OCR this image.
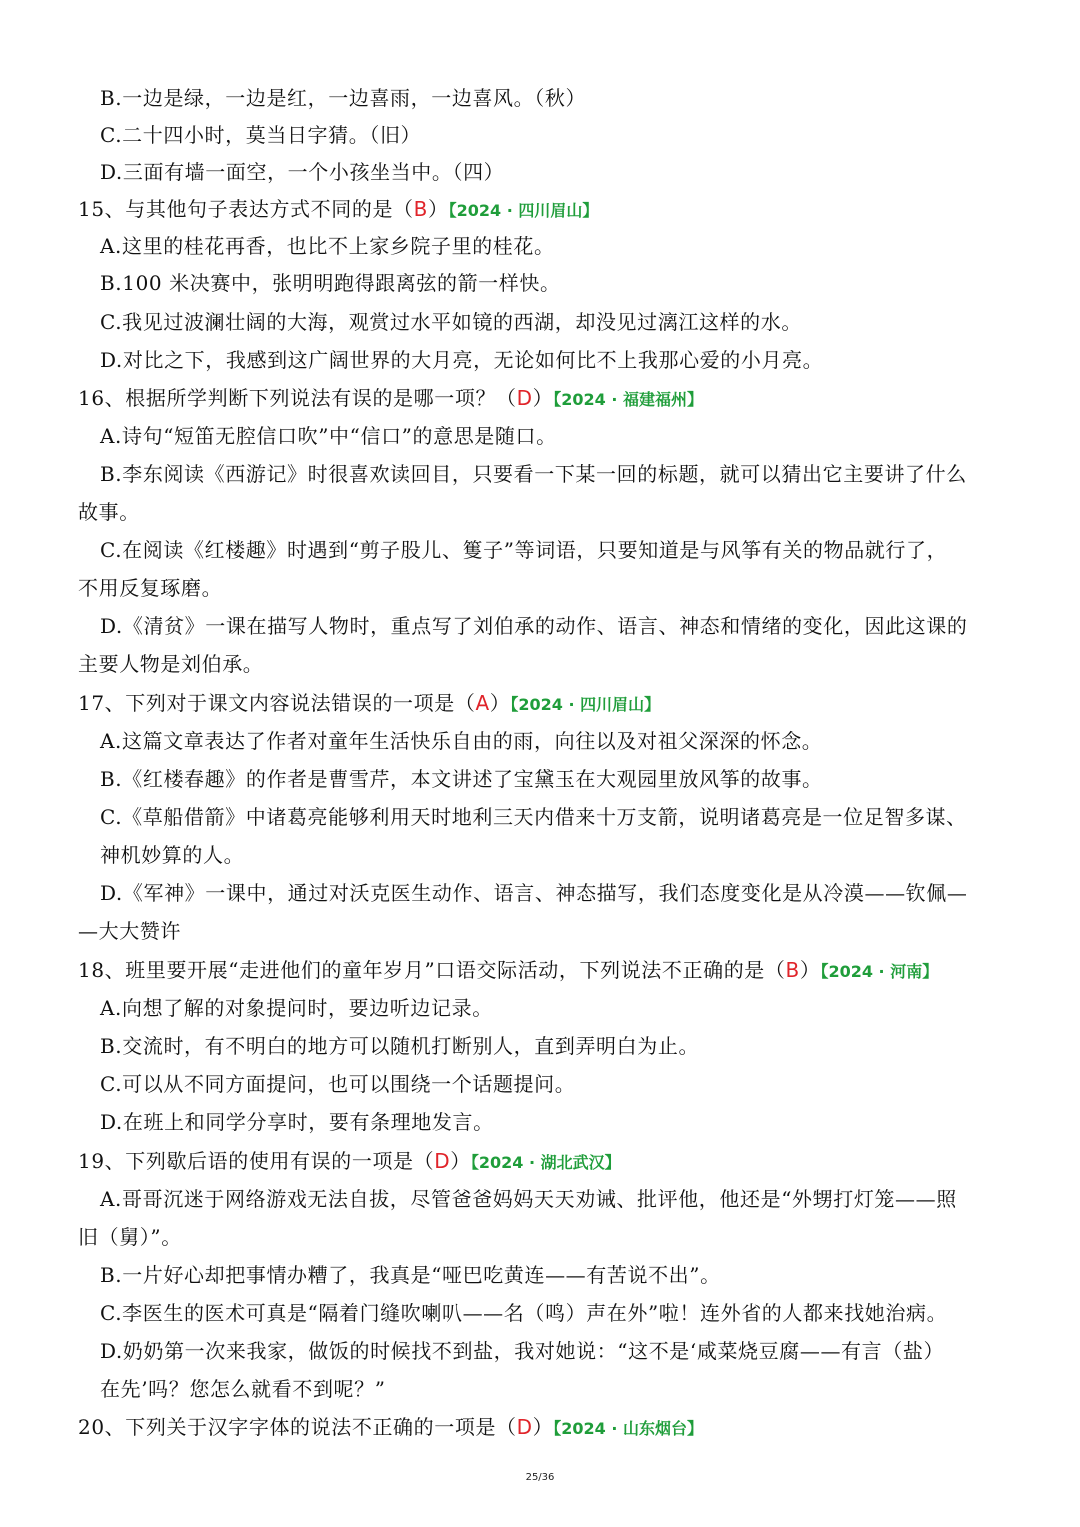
B.一边是绿，一边是红，一边喜雨，一边喜风。（秋）
C.二十四小时，莫当日字猜。（旧）
D.三面有墙一面空，一个小孩坐当中。（四）
15、与其他句子表达方式不同的是（B）【2024 · 四川眉山】
A.这里的桂花再香，也比不上家乡院子里的桂花。
B.100 米决赛中，张明明跑得跟离弦的箭一样快。
C.我见过波澜壮阔的大海，观赏过水平如镜的西湖，却没见过漓江这样的水。
D.对比之下，我感到这广阔世界的大月亮，无论如何比不上我那心爱的小月亮。
16、根据所学判断下列说法有误的是哪一项？（D）【2024 · 福建福州】
A.诗句“短笛无腔信口吹”中“信口”的意思是随口。
B.李东阅读《西游记》时很喜欢读回目，只要看一下某一回的标题，就可以猜出它主要讲了什么
故事。
C.在阅读《红楼趣》时遇到“剪子股儿、篗子”等词语，只要知道是与风筝有关的物品就行了，
不用反复琢磨。
D.《清贫》一课在描写人物时，重点写了刘伯承的动作、语言、神态和情绪的变化，因此这课的
主要人物是刘伯承。
17、下列对于课文内容说法错误的一项是（A）【2024 · 四川眉山】
A.这篇文章表达了作者对童年生活快乐自由的雨，向往以及对祖父深深的怀念。
B.《红楼春趣》的作者是曹雪芹，本文讲述了宝黛玉在大观园里放风筝的故事。
C.《草船借箭》中诸葛亮能够利用天时地利三天内借来十万支箭，说明诸葛亮是一位足智多谋、
神机妙算的人。
D.《军神》一课中，通过对沃克医生动作、语言、神态描写，我们态度变化是从冷漠——钦佩—
—大大赞许
18、班里要开展“走进他们的童年岁月”口语交际活动，下列说法不正确的是（B）【2024 · 河南】
A.向想了解的对象提问时，要边听边记录。
B.交流时，有不明白的地方可以随机打断别人，直到弄明白为止。
C.可以从不同方面提问，也可以围绕一个话题提问。
D.在班上和同学分享时，要有条理地发言。
19、下列歇后语的使用有误的一项是（D）【2024 · 湖北武汉】
A.哥哥沉迷于网络游戏无法自拔，尽管爸爸妈妈天天劝诫、批评他，他还是“外甥打灯笼——照
旧（舅）”。
B.一片好心却把事情办糟了，我真是“哑巴吃黄连——有苦说不出”。
C.李医生的医术可真是“隔着门缝吹喇叭——名（鸣）声在外”啦！连外省的人都来找她治病。
D.奶奶第一次来我家，做饭的时候找不到盐，我对她说：“这不是‘咸菜烧豆腐——有言（盐）
在先’吗？您怎么就看不到呢？”
20、下列关于汉字字体的说法不正确的一项是（D）【2024 · 山东烟台】
25/36
